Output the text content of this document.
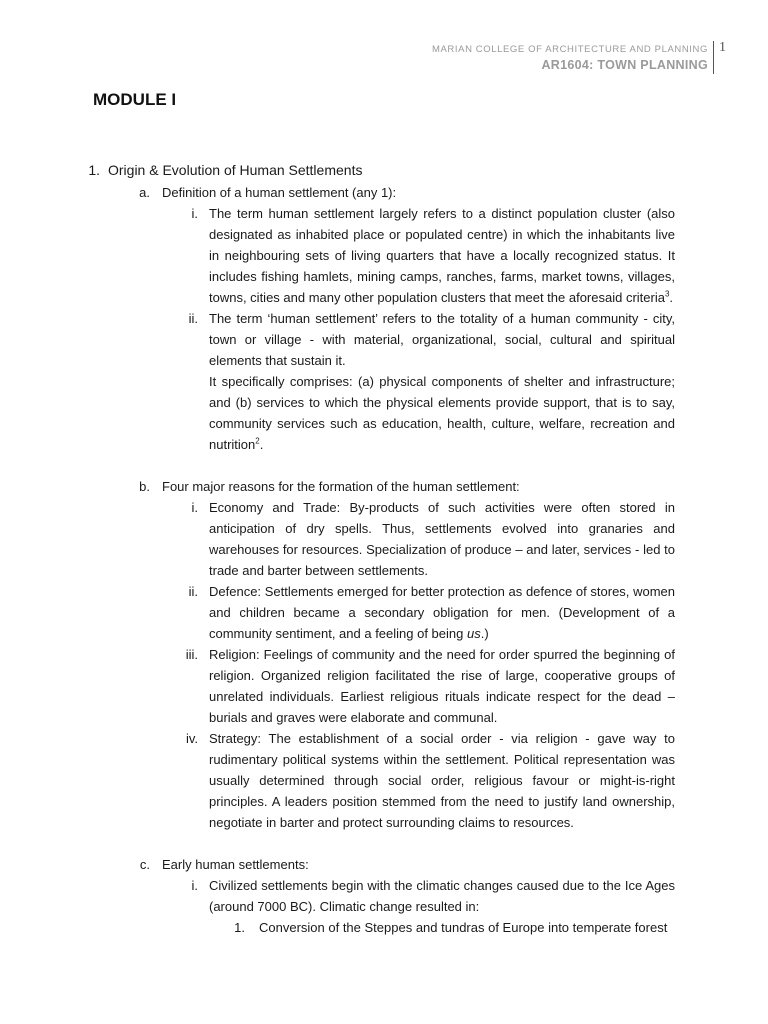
MARIAN COLLEGE OF ARCHITECTURE AND PLANNING
AR1604: TOWN PLANNING
1
MODULE I
1. Origin & Evolution of Human Settlements
a. Definition of a human settlement (any 1):
i. The term human settlement largely refers to a distinct population cluster (also designated as inhabited place or populated centre) in which the inhabitants live in neighbouring sets of living quarters that have a locally recognized status. It includes fishing hamlets, mining camps, ranches, farms, market towns, villages, towns, cities and many other population clusters that meet the aforesaid criteria$^3$.
ii. The term ‘human settlement’ refers to the totality of a human community - city, town or village - with material, organizational, social, cultural and spiritual elements that sustain it.
It specifically comprises: (a) physical components of shelter and infrastructure; and (b) services to which the physical elements provide support, that is to say, community services such as education, health, culture, welfare, recreation and nutrition$^2$.
b. Four major reasons for the formation of the human settlement:
i. Economy and Trade: By-products of such activities were often stored in anticipation of dry spells. Thus, settlements evolved into granaries and warehouses for resources. Specialization of produce – and later, services - led to trade and barter between settlements.
ii. Defence: Settlements emerged for better protection as defence of stores, women and children became a secondary obligation for men. (Development of a community sentiment, and a feeling of being us.)
iii. Religion: Feelings of community and the need for order spurred the beginning of religion. Organized religion facilitated the rise of large, cooperative groups of unrelated individuals. Earliest religious rituals indicate respect for the dead – burials and graves were elaborate and communal.
iv. Strategy: The establishment of a social order - via religion - gave way to rudimentary political systems within the settlement. Political representation was usually determined through social order, religious favour or might-is-right principles. A leaders position stemmed from the need to justify land ownership, negotiate in barter and protect surrounding claims to resources.
c. Early human settlements:
i. Civilized settlements begin with the climatic changes caused due to the Ice Ages (around 7000 BC). Climatic change resulted in:
1. Conversion of the Steppes and tundras of Europe into temperate forest
